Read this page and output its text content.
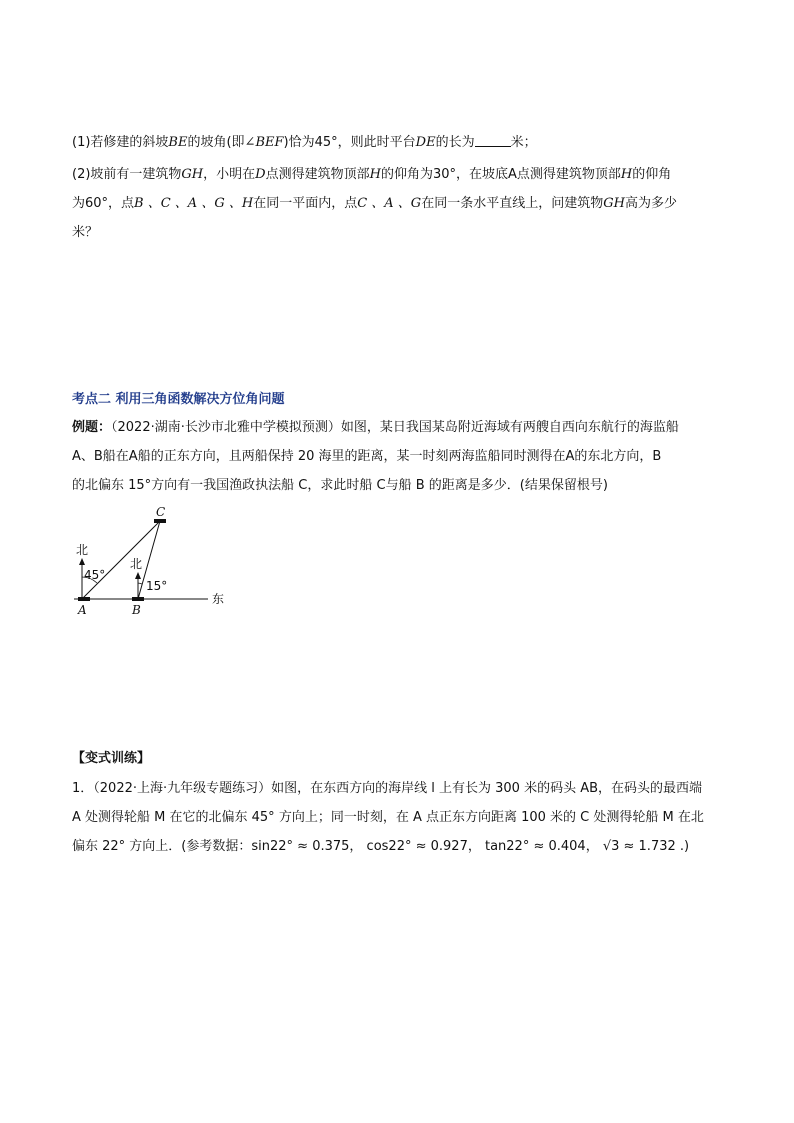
(1)若修建的斜坡BE的坡角(即∠BEF)恰为45°，则此时平台DE的长为	米；
(2)坡前有一建筑物GH，小明在D点测得建筑物顶部H的仰角为30°，在坡底A点测得建筑物顶部H的仰角
为60°，点B 、C 、A 、G 、H在同一平面内，点C 、A 、G在同一条水平直线上，问建筑物GH高为多少
米？
考点二 利用三角函数解决方位角问题
例题：（2022·湖南·长沙市北雅中学模拟预测）如图，某日我国某岛附近海域有两艘自西向东航行的海监船
A、B船在A船的正东方向，且两船保持 20 海里的距离，某一时刻两海监船同时测得在A的东北方向，B
的北偏东 15°方向有一我国渔政执法船 C，求此时船 C与船 B 的距离是多少．(结果保留根号)
北
45°
北
15°
东
A	B
C
【变式训练】
1．（2022·上海·九年级专题练习）如图，在东西方向的海岸线 l 上有长为 300 米的码头 AB，在码头的最西端
A 处测得轮船 M 在它的北偏东 45° 方向上；同一时刻，在 A 点正东方向距离 100 米的 C 处测得轮船 M 在北
偏东 22° 方向上．(参考数据：sin22° ≈ 0.375， cos22° ≈ 0.927， tan22° ≈ 0.404， √3 ≈ 1.732 .)
